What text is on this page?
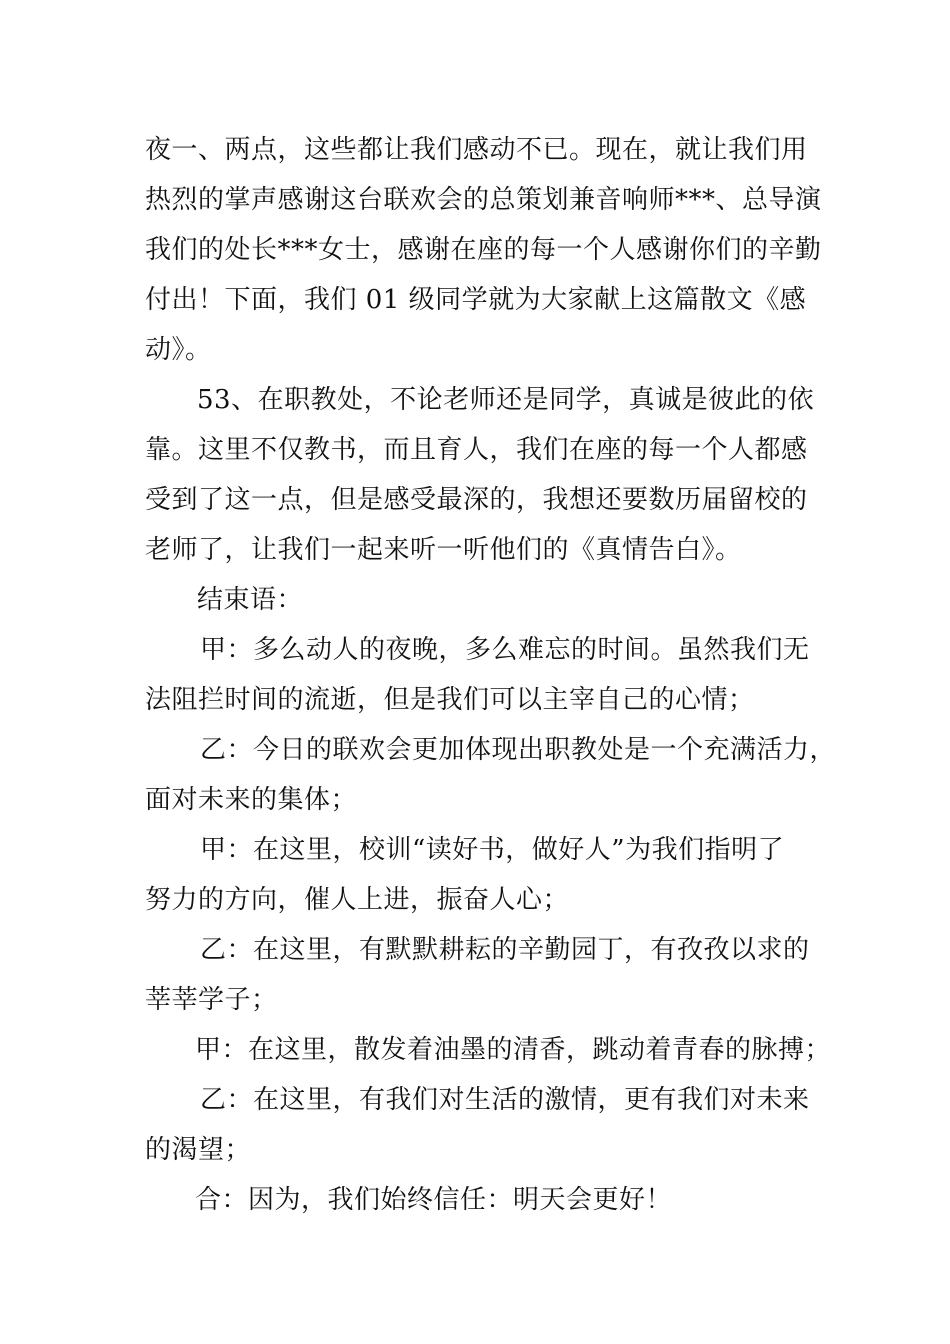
夜一、两点，这些都让我们感动不已。现在，就让我们用

热烈的掌声感谢这台联欢会的总策划兼音响师***、总导演

我们的处长***女士，感谢在座的每一个人感谢你们的辛勤

付出！下面，我们 01 级同学就为大家献上这篇散文《感

动》。

53、在职教处，不论老师还是同学，真诚是彼此的依

靠。这里不仅教书，而且育人，我们在座的每一个人都感

受到了这一点，但是感受最深的，我想还要数历届留校的

老师了，让我们一起来听一听他们的《真情告白》。

结束语：

甲：多么动人的夜晚，多么难忘的时间。虽然我们无

法阻拦时间的流逝，但是我们可以主宰自己的心情；

乙：今日的联欢会更加体现出职教处是一个充满活力，

面对未来的集体；

甲：在这里，校训“读好书，做好人”为我们指明了

努力的方向，催人上进，振奋人心；

乙：在这里，有默默耕耘的辛勤园丁，有孜孜以求的

莘莘学子；

甲：在这里，散发着油墨的清香，跳动着青春的脉搏；

乙：在这里，有我们对生活的激情，更有我们对未来

的渴望；

合：因为，我们始终信任：明天会更好！
